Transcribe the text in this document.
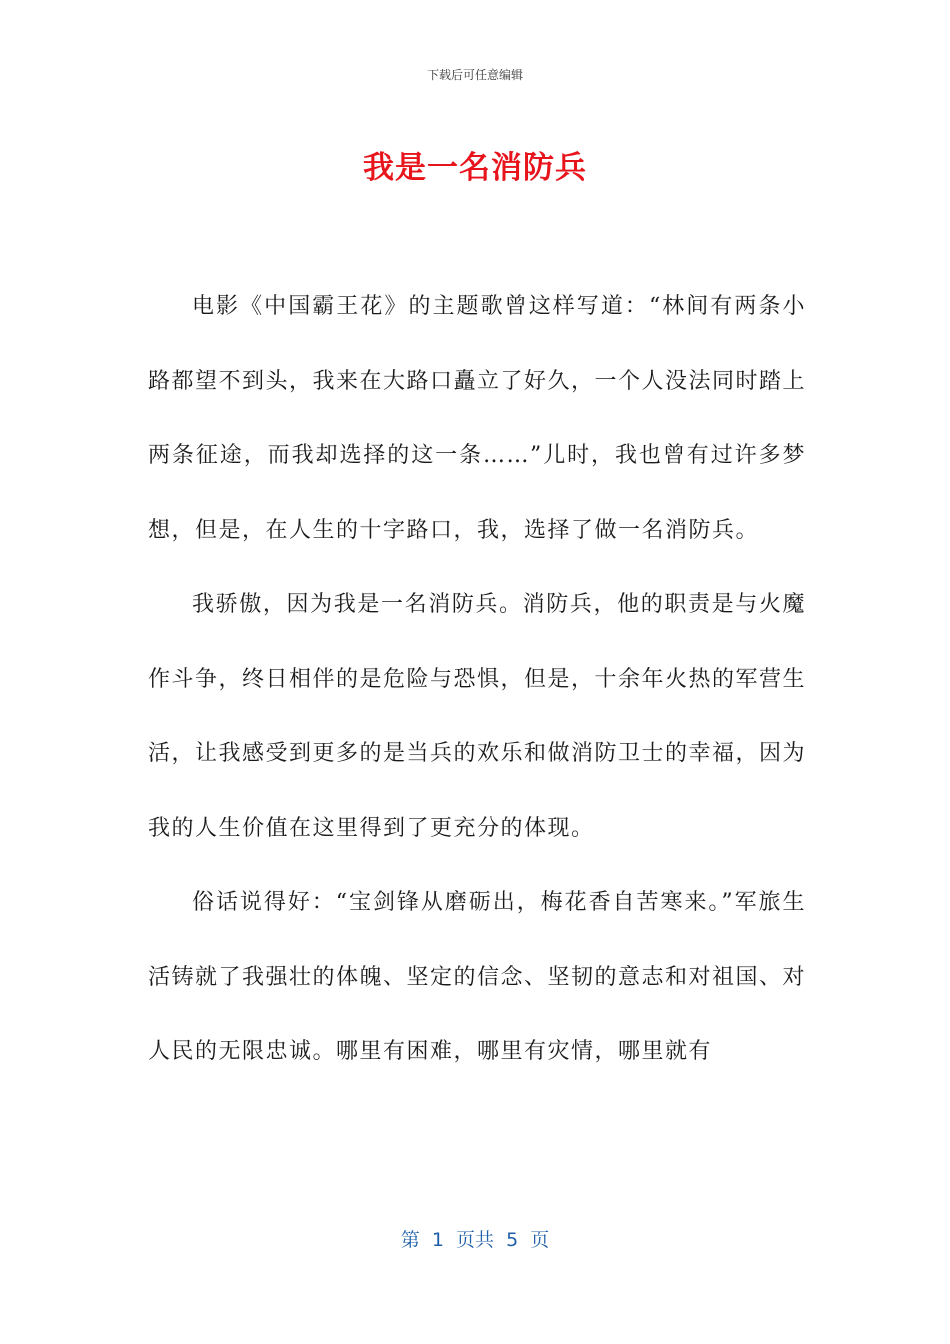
下载后可任意编辑
我是一名消防兵

电影《中国霸王花》的主题歌曾这样写道：“林间有两条小路都望不到头，我来在大路口矗立了好久，一个人没法同时踏上两条征途，而我却选择的这一条……”儿时，我也曾有过许多梦想，但是，在人生的十字路口，我，选择了做一名消防兵。

我骄傲，因为我是一名消防兵。消防兵，他的职责是与火魔作斗争，终日相伴的是危险与恐惧，但是，十余年火热的军营生活，让我感受到更多的是当兵的欢乐和做消防卫士的幸福，因为我的人生价值在这里得到了更充分的体现。

俗话说得好：“宝剑锋从磨砺出，梅花香自苦寒来。”军旅生活铸就了我强壮的体魄、坚定的信念、坚韧的意志和对祖国、对人民的无限忠诚。哪里有困难，哪里有灾情，哪里就有

第  1  页共  5  页
